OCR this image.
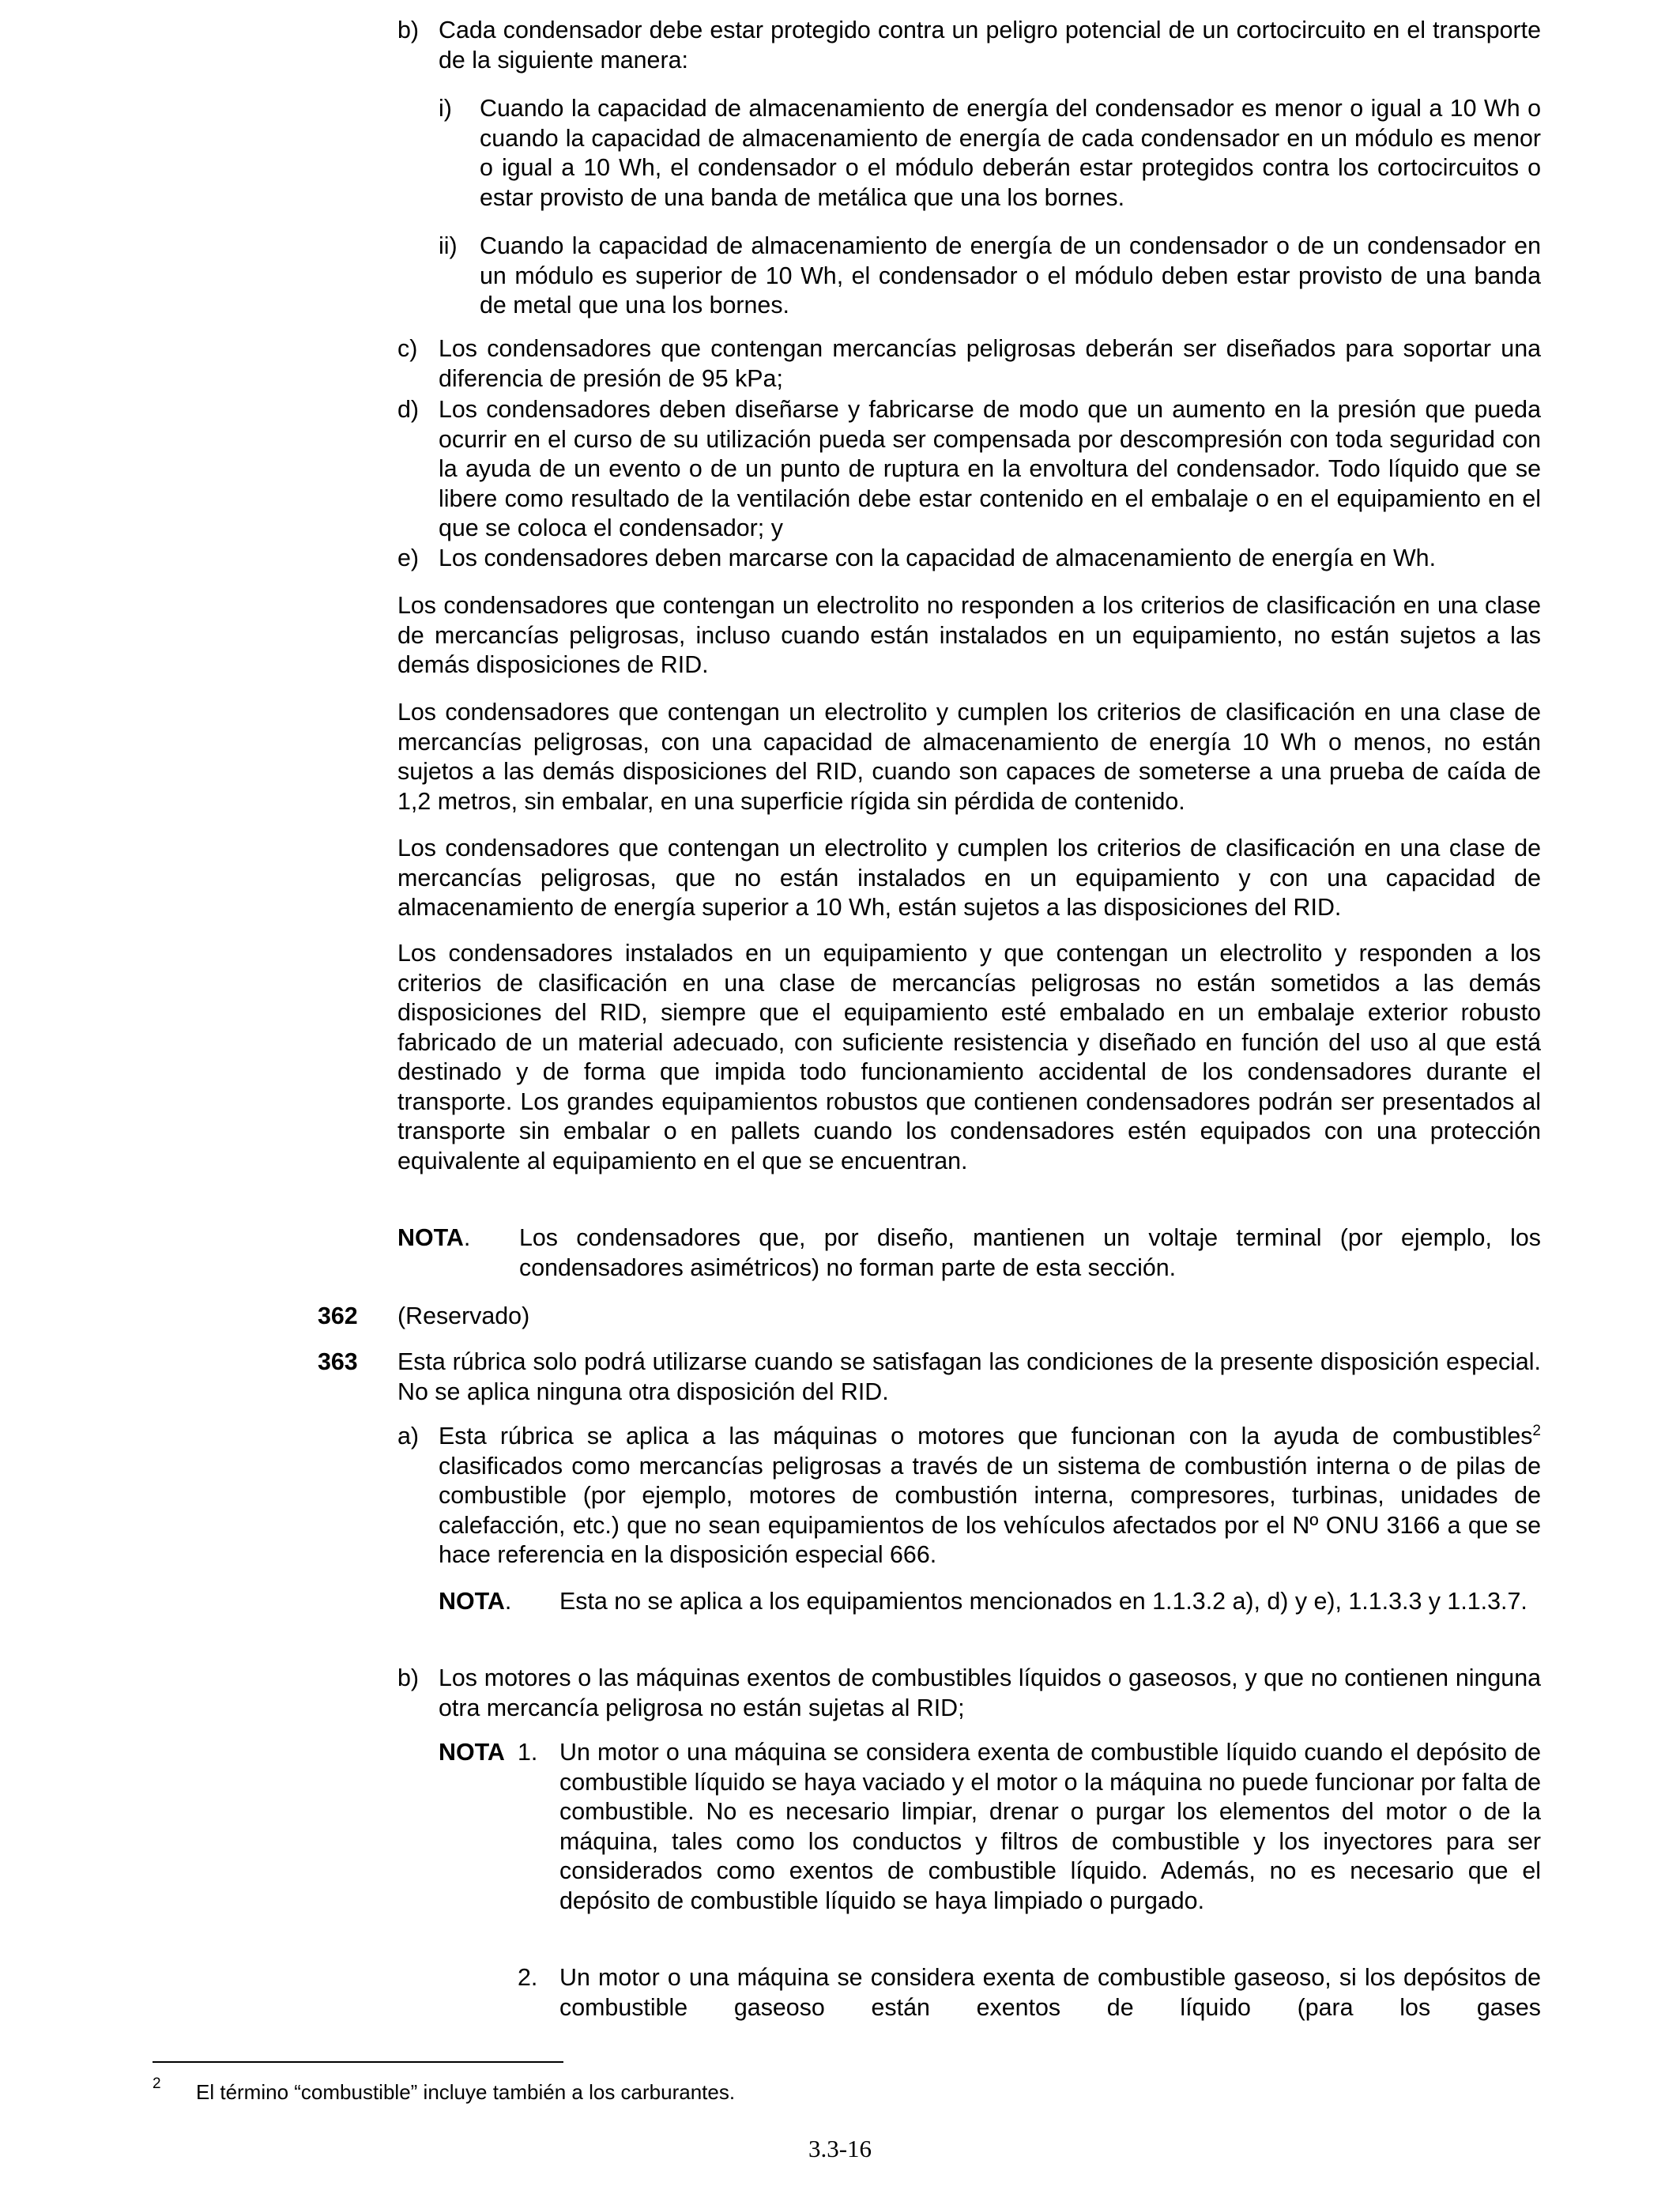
b) Cada condensador debe estar protegido contra un peligro potencial de un cortocircuito en el transporte de la siguiente manera:

i) Cuando la capacidad de almacenamiento de energía del condensador es menor o igual a 10 Wh o cuando la capacidad de almacenamiento de energía de cada condensador en un módulo es menor o igual a 10 Wh, el condensador o el módulo deberán estar protegidos contra los cortocircuitos o estar provisto de una banda de metálica que una los bornes.

ii) Cuando la capacidad de almacenamiento de energía de un condensador o de un condensador en un módulo es superior de 10 Wh, el condensador o el módulo deben estar provisto de una banda de metal que una los bornes.

c) Los condensadores que contengan mercancías peligrosas deberán ser diseñados para soportar una diferencia de presión de 95 kPa;

d) Los condensadores deben diseñarse y fabricarse de modo que un aumento en la presión que pueda ocurrir en el curso de su utilización pueda ser compensada por descompresión con toda seguridad con la ayuda de un evento o de un punto de ruptura en la envoltura del condensador. Todo líquido que se libere como resultado de la ventilación debe estar contenido en el embalaje o en el equipamiento en el que se coloca el condensador; y

e) Los condensadores deben marcarse con la capacidad de almacenamiento de energía en Wh.

Los condensadores que contengan un electrolito no responden a los criterios de clasificación en una clase de mercancías peligrosas, incluso cuando están instalados en un equipamiento, no están sujetos a las demás disposiciones de RID.

Los condensadores que contengan un electrolito y cumplen los criterios de clasificación en una clase de mercancías peligrosas, con una capacidad de almacenamiento de energía 10 Wh o menos, no están sujetos a las demás disposiciones del RID, cuando son capaces de someterse a una prueba de caída de 1,2 metros, sin embalar, en una superficie rígida sin pérdida de contenido.

Los condensadores que contengan un electrolito y cumplen los criterios de clasificación en una clase de mercancías peligrosas, que no están instalados en un equipamiento y con una capacidad de almacenamiento de energía superior a 10 Wh, están sujetos a las disposiciones del RID.

Los condensadores instalados en un equipamiento y que contengan un electrolito y responden a los criterios de clasificación en una clase de mercancías peligrosas no están sometidos a las demás disposiciones del RID, siempre que el equipamiento esté embalado en un embalaje exterior robusto fabricado de un material adecuado, con suficiente resistencia y diseñado en función del uso al que está destinado y de forma que impida todo funcionamiento accidental de los condensadores durante el transporte. Los grandes equipamientos robustos que contienen condensadores podrán ser presentados al transporte sin embalar o en pallets cuando los condensadores estén equipados con una protección equivalente al equipamiento en el que se encuentran.

NOTA. Los condensadores que, por diseño, mantienen un voltaje terminal (por ejemplo, los condensadores asimétricos) no forman parte de esta sección.

362 (Reservado)

363 Esta rúbrica solo podrá utilizarse cuando se satisfagan las condiciones de la presente disposición especial. No se aplica ninguna otra disposición del RID.

a) Esta rúbrica se aplica a las máquinas o motores que funcionan con la ayuda de combustibles$^2$ clasificados como mercancías peligrosas a través de un sistema de combustión interna o de pilas de combustible (por ejemplo, motores de combustión interna, compresores, turbinas, unidades de calefacción, etc.) que no sean equipamientos de los vehículos afectados por el Nº ONU 3166 a que se hace referencia en la disposición especial 666.

NOTA. Esta no se aplica a los equipamientos mencionados en 1.1.3.2 a), d) y e), 1.1.3.3 y 1.1.3.7.

b) Los motores o las máquinas exentos de combustibles líquidos o gaseosos, y que no contienen ninguna otra mercancía peligrosa no están sujetas al RID;

NOTA 1. Un motor o una máquina se considera exenta de combustible líquido cuando el depósito de combustible líquido se haya vaciado y el motor o la máquina no puede funcionar por falta de combustible. No es necesario limpiar, drenar o purgar los elementos del motor o de la máquina, tales como los conductos y filtros de combustible y los inyectores para ser considerados como exentos de combustible líquido. Además, no es necesario que el depósito de combustible líquido se haya limpiado o purgado.

2. Un motor o una máquina se considera exenta de combustible gaseoso, si los depósitos de combustible gaseoso están exentos de líquido (para los gases

2 El término “combustible” incluye también a los carburantes.
3.3-16
